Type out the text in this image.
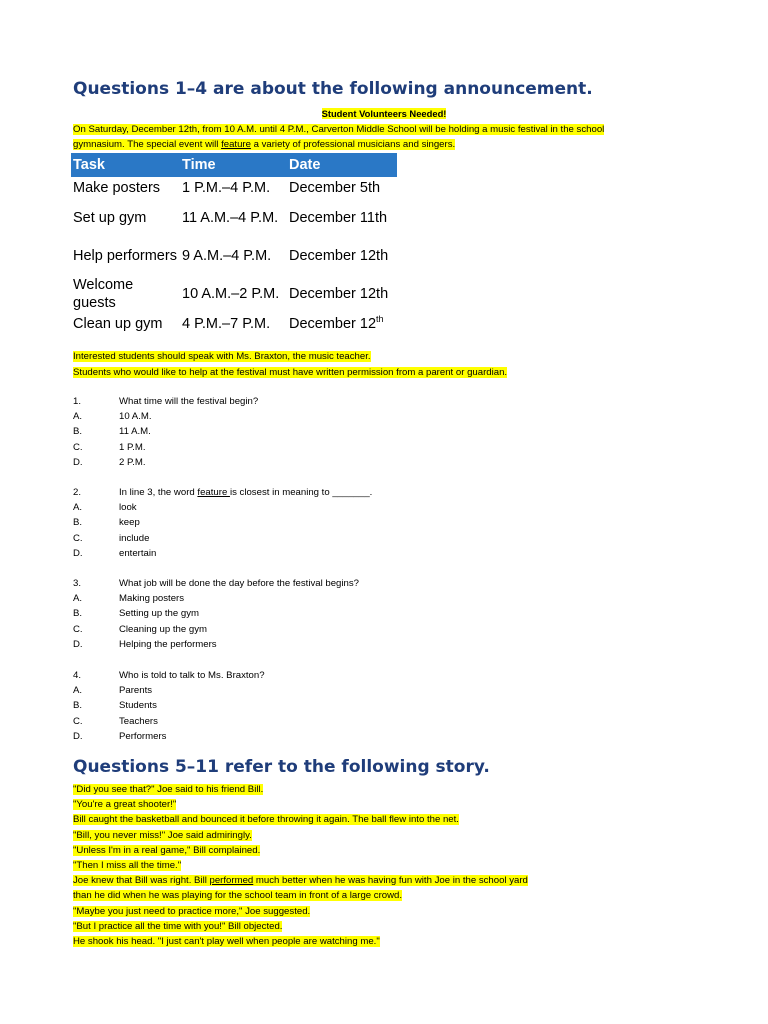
Questions 1–4 are about the following announcement.
Student Volunteers Needed!
On Saturday, December 12th, from 10 A.M. until 4 P.M., Carverton Middle School will be holding a music festival in the school
gymnasium. The special event will feature a variety of professional musicians and singers.
Task	Time	Date
Make posters	1 P.M.–4 P.M.	December 5th
Set up gym	11 A.M.–4 P.M.	December 11th
Help performers	9 A.M.–4 P.M.	December 12th
Welcome guests	10 A.M.–2 P.M.	December 12th
Clean up gym	4 P.M.–7 P.M.	December 12th
Interested students should speak with Ms. Braxton, the music teacher.
Students who would like to help at the festival must have written permission from a parent or guardian.
1.	What time will the festival begin?
A.	10 A.M.
B.	11 A.M.
C.	1 P.M.
D.	2 P.M.
2.	In line 3, the word feature is closest in meaning to _______.
A.	look
B.	keep
C.	include
D.	entertain
3.	What job will be done the day before the festival begins?
A.	Making posters
B.	Setting up the gym
C.	Cleaning up the gym
D.	Helping the performers
4.	Who is told to talk to Ms. Braxton?
A.	Parents
B.	Students
C.	Teachers
D.	Performers
Questions 5–11 refer to the following story.
"Did you see that?" Joe said to his friend Bill.
"You're a great shooter!"
Bill caught the basketball and bounced it before throwing it again. The ball flew into the net.
"Bill, you never miss!" Joe said admiringly.
"Unless I'm in a real game," Bill complained.
"Then I miss all the time."
Joe knew that Bill was right. Bill performed much better when he was having fun with Joe in the school yard
than he did when he was playing for the school team in front of a large crowd.
"Maybe you just need to practice more," Joe suggested.
"But I practice all the time with you!" Bill objected.
He shook his head. "I just can't play well when people are watching me."
